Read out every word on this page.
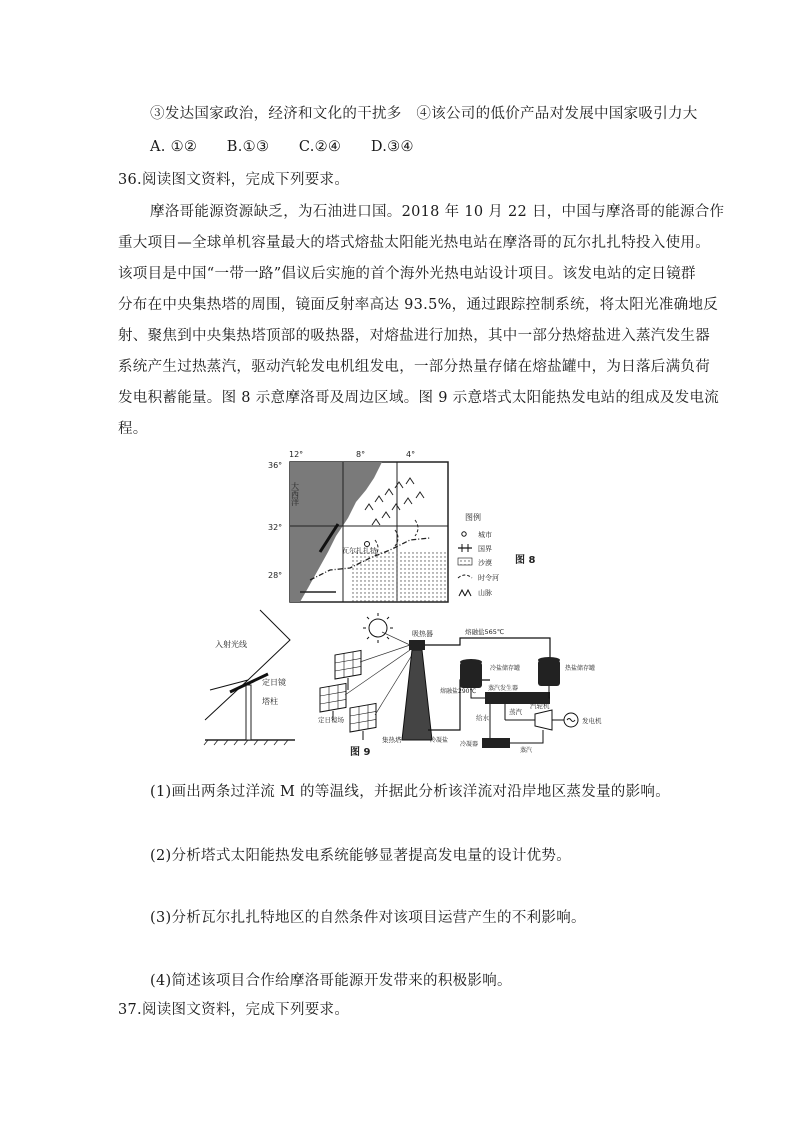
③发达国家政治，经济和文化的干扰多　④该公司的低价产品对发展中国家吸引力大
A. ①②　　B.①③　　C.②④　　D.③④
36.阅读图文资料，完成下列要求。
摩洛哥能源资源缺乏，为石油进口国。2018 年 10 月 22 日，中国与摩洛哥的能源合作
重大项目—全球单机容量最大的塔式熔盐太阳能光热电站在摩洛哥的瓦尔扎扎特投入使用。
该项目是中国“一带一路”倡议后实施的首个海外光热电站设计项目。该发电站的定日镜群
分布在中央集热塔的周围，镜面反射率高达 93.5%，通过跟踪控制系统，将太阳光准确地反
射、聚焦到中央集热塔顶部的吸热器，对熔盐进行加热，其中一部分热熔盐进入蒸汽发生器
系统产生过热蒸汽，驱动汽轮发电机组发电，一部分热量存储在熔盐罐中，为日落后满负荷
发电积蓄能量。图 8 示意摩洛哥及周边区域。图 9 示意塔式太阳能热发电站的组成及发电流
程。
瓦尔扎扎特
大西洋
12°	8°	4°
36°
32°
28°
图例
城市
国界
沙漠
时令河
山脉
图 8
入射光线
定日镜
塔柱
定日镜场
吸热器
集热塔
熔融盐565℃
冷盐储存罐	热盐储存罐
熔融盐290℃ 蒸汽发生器
给水
蒸汽
汽轮机
发电机
冷凝器
冷凝盐
蒸汽
图 9
(1)画出两条过洋流 M 的等温线，并据此分析该洋流对沿岸地区蒸发量的影响。
(2)分析塔式太阳能热发电系统能够显著提高发电量的设计优势。
(3)分析瓦尔扎扎特地区的自然条件对该项目运营产生的不利影响。
(4)简述该项目合作给摩洛哥能源开发带来的积极影响。
37.阅读图文资料，完成下列要求。
